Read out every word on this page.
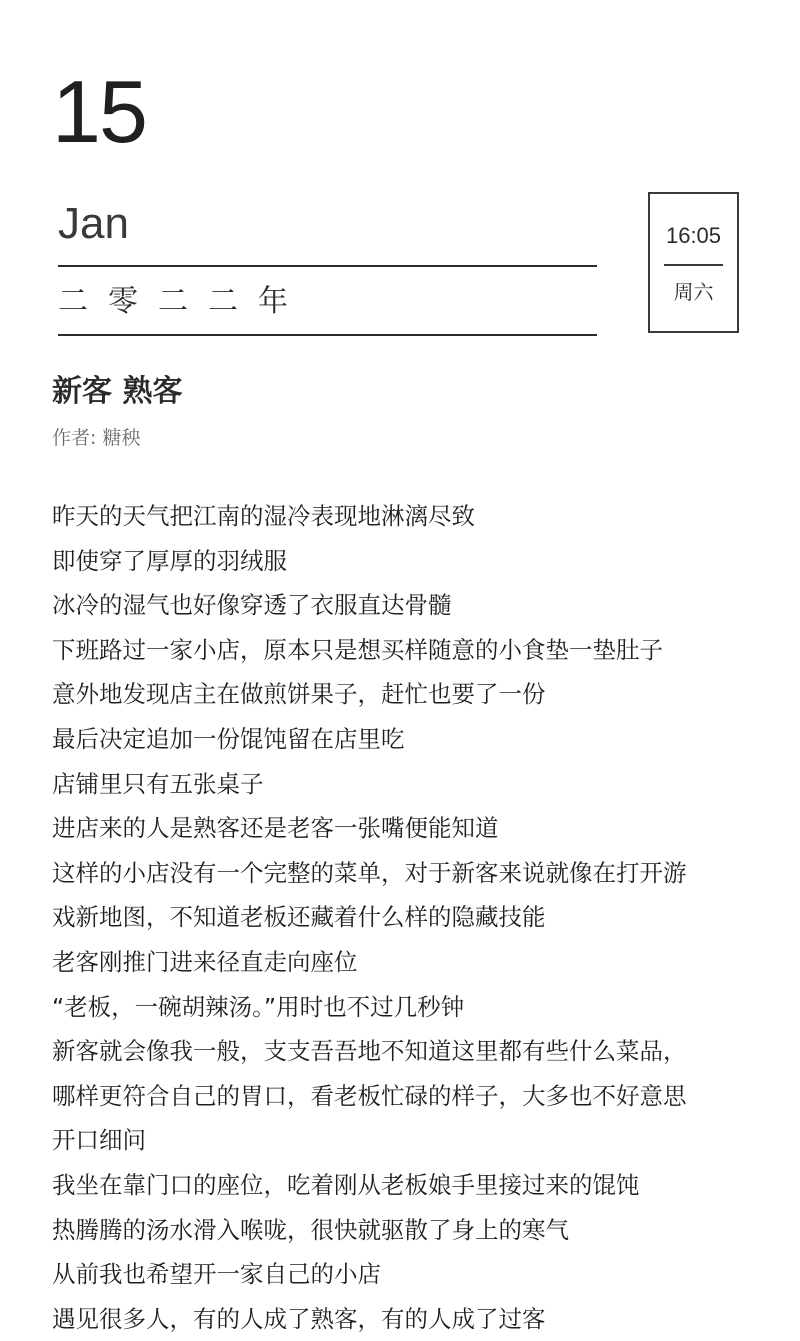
15
Jan
二零二二年
16:05
周六
新客 熟客
作者: 糖秧
昨天的天气把江南的湿冷表现地淋漓尽致
即使穿了厚厚的羽绒服
冰冷的湿气也好像穿透了衣服直达骨髓
下班路过一家小店，原本只是想买样随意的小食垫一垫肚子
意外地发现店主在做煎饼果子，赶忙也要了一份
最后决定追加一份馄饨留在店里吃
店铺里只有五张桌子
进店来的人是熟客还是老客一张嘴便能知道
这样的小店没有一个完整的菜单，对于新客来说就像在打开游
戏新地图，不知道老板还藏着什么样的隐藏技能
老客刚推门进来径直走向座位
“老板，一碗胡辣汤。”用时也不过几秒钟
新客就会像我一般，支支吾吾地不知道这里都有些什么菜品，
哪样更符合自己的胃口，看老板忙碌的样子，大多也不好意思
开口细问
我坐在靠门口的座位，吃着刚从老板娘手里接过来的馄饨
热腾腾的汤水滑入喉咙，很快就驱散了身上的寒气
从前我也希望开一家自己的小店
遇见很多人，有的人成了熟客，有的人成了过客
